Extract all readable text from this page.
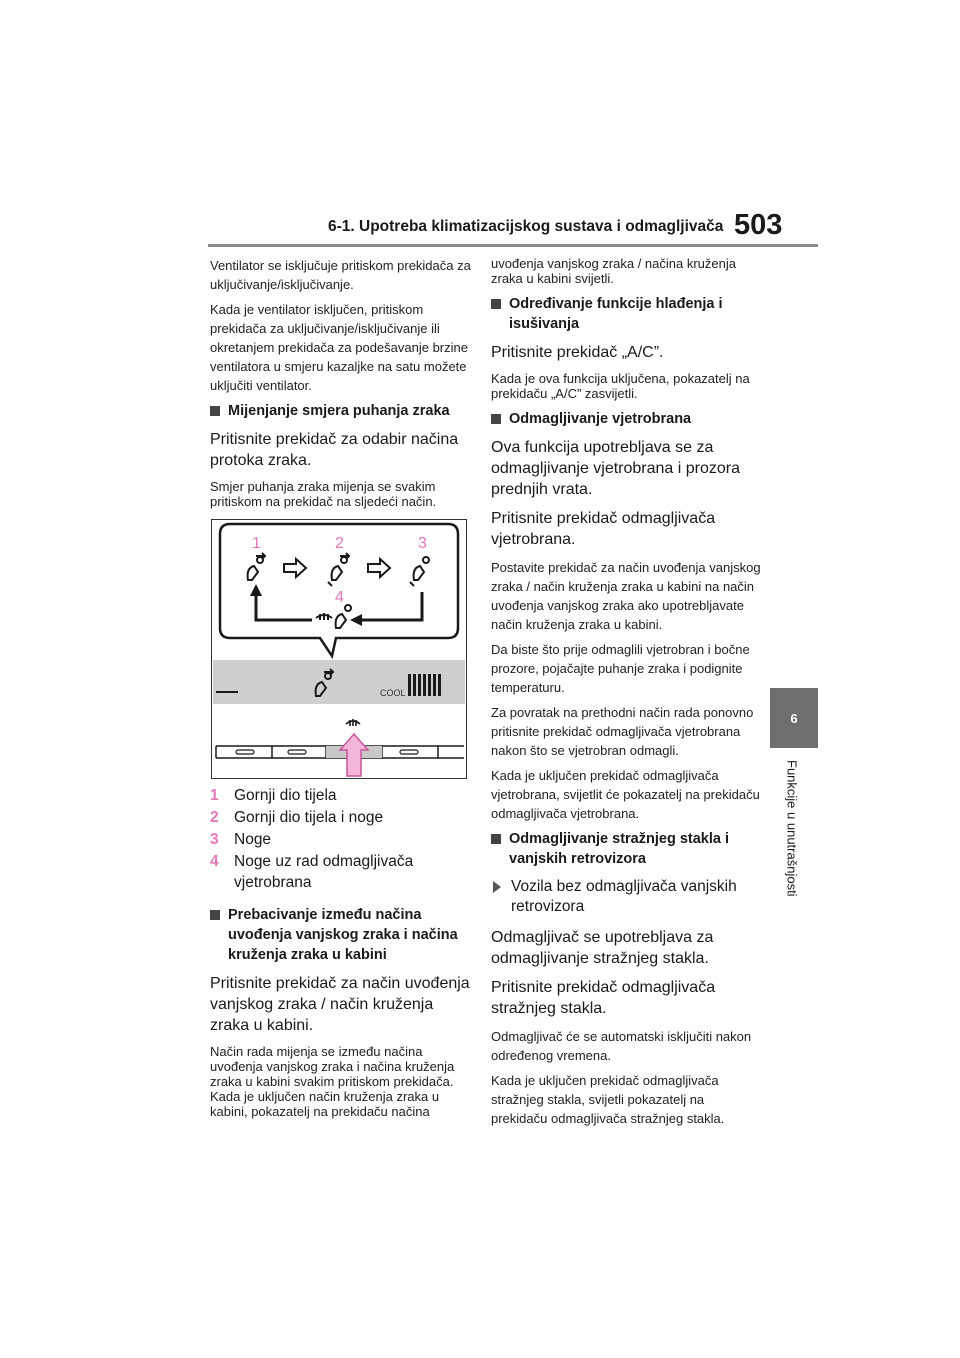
6-1. Upotreba klimatizacijskog sustava i odmagljivača 503
6
Funkcije u unutrašnjosti

Ventilator se isključuje pritiskom prekidača za uključivanje/isključivanje.

Kada je ventilator isključen, pritiskom prekidača za uključivanje/isključivanje ili okretanjem prekidača za podešavanje brzine ventilatora u smjeru kazaljke na satu možete uključiti ventilator.

Mijenjanje smjera puhanja zraka

Pritisnite prekidač za odabir načina protoka zraka.

Smjer puhanja zraka mijenja se svakim pritiskom na prekidač na sljedeći način.

1	2	3
4
COOL
1 Gornji dio tijela
2 Gornji dio tijela i noge
3 Noge
4 Noge uz rad odmagljivača vjetrobrana
Prebacivanje između načina uvođenja vanjskog zraka i načina kruženja zraka u kabini

Pritisnite prekidač za način uvođenja vanjskog zraka / način kruženja zraka u kabini.

Način rada mijenja se između načina uvođenja vanjskog zraka i načina kruženja zraka u kabini svakim pritiskom prekidača.

Kada je uključen način kruženja zraka u kabini, pokazatelj na prekidaču načina

uvođenja vanjskog zraka / načina kruženja zraka u kabini svijetli.

Određivanje funkcije hlađenja i isušivanja

Pritisnite prekidač „A/C”.

Kada je ova funkcija uključena, pokazatelj na prekidaču „A/C” zasvijetli.

Odmagljivanje vjetrobrana

Ova funkcija upotrebljava se za odmagljivanje vjetrobrana i prozora prednjih vrata.

Pritisnite prekidač odmagljivača vjetrobrana.

Postavite prekidač za način uvođenja vanjskog zraka / način kruženja zraka u kabini na način uvođenja vanjskog zraka ako upotrebljavate način kruženja zraka u kabini.

Da biste što prije odmaglili vjetrobran i bočne prozore, pojačajte puhanje zraka i podignite temperaturu.

Za povratak na prethodni način rada ponovno pritisnite prekidač odmagljivača vjetrobrana nakon što se vjetrobran odmagli.

Kada je uključen prekidač odmagljivača vjetrobrana, svijetlit će pokazatelj na prekidaču odmagljivača vjetrobrana.

Odmagljivanje stražnjeg stakla i vanjskih retrovizora
Vozila bez odmagljivača vanjskih retrovizora

Odmagljivač se upotrebljava za odmagljivanje stražnjeg stakla.

Pritisnite prekidač odmagljivača stražnjeg stakla.

Odmagljivač će se automatski isključiti nakon određenog vremena.

Kada je uključen prekidač odmagljivača stražnjeg stakla, svijetli pokazatelj na prekidaču odmagljivača stražnjeg stakla.
